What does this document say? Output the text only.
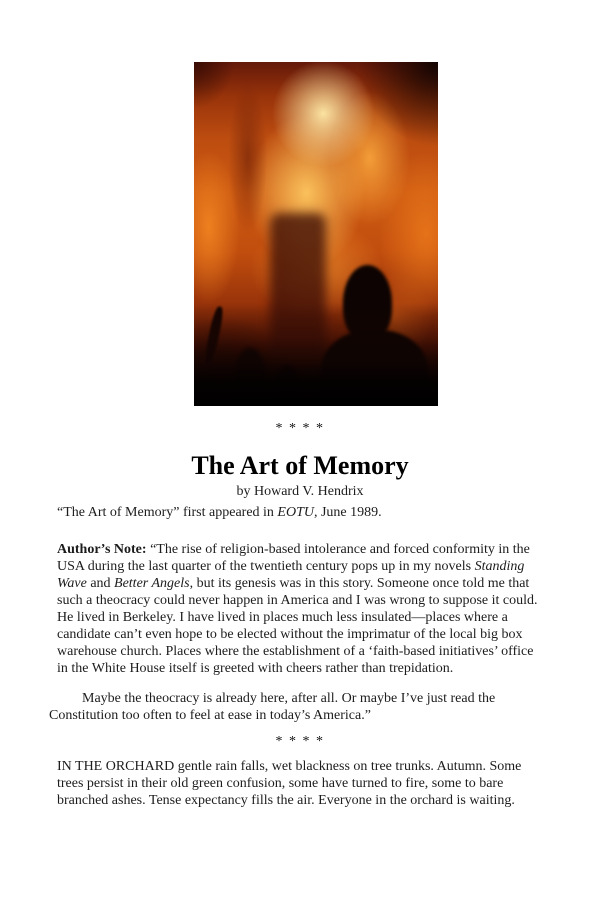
* * * *
The Art of Memory
by Howard V. Hendrix

“The Art of Memory” first appeared in EOTU, June 1989.

Author’s Note: “The rise of religion-based intolerance and forced conformity in the USA during the last quarter of the twentieth century pops up in my novels Standing Wave and Better Angels, but its genesis was in this story. Someone once told me that such a theocracy could never happen in America and I was wrong to suppose it could. He lived in Berkeley. I have lived in places much less insulated—places where a candidate can’t even hope to be elected without the imprimatur of the local big box warehouse church. Places where the establishment of a ‘faith-based initiatives’ office in the White House itself is greeted with cheers rather than trepidation.

Maybe the theocracy is already here, after all. Or maybe I’ve just read the Constitution too often to feel at ease in today’s America.”

* * * *

IN THE ORCHARD gentle rain falls, wet blackness on tree trunks. Autumn. Some trees persist in their old green confusion, some have turned to fire, some to bare branched ashes. Tense expectancy fills the air. Everyone in the orchard is waiting.
